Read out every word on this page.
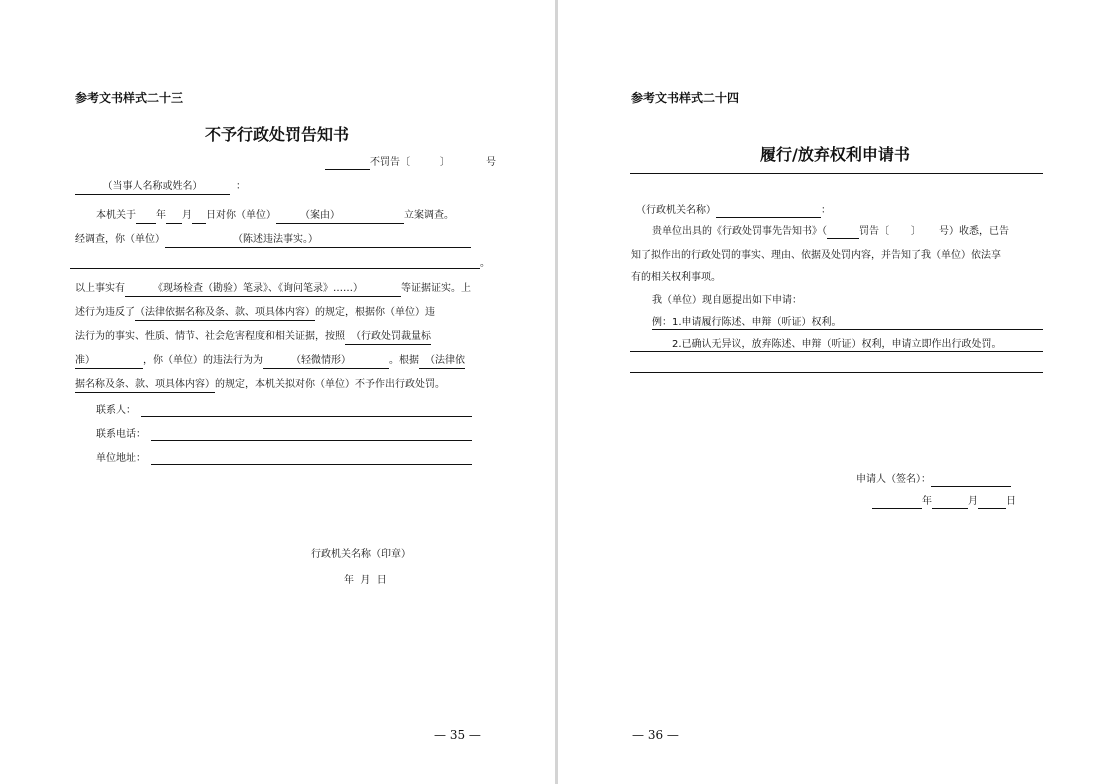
参考文书样式二十三
不予行政处罚告知书
不罚告〔	〕	号
（当事人名称或姓名）	：
本机关于 年 月 日对你（单位） （案由）	立案调查。
经调查，你（单位）	（陈述违法事实。）
。
以上事实有	《现场检查（勘验）笔录》、《询问笔录》……）	等证据证实。上
述行为违反了（法律依据名称及条、款、项具体内容）的规定，根据你（单位）违
法行为的事实、性质、情节、社会危害程度和相关证据，按照 （行政处罚裁量标
准）	，你（单位）的违法行为为	（轻微情形）	。根据 （法律依
据名称及条、款、项具体内容）的规定，本机关拟对你（单位）不予作出行政处罚。
联系人：
联系电话：
单位地址：
行政机关名称（印章）
年  月  日
— 35 —
参考文书样式二十四
履行/放弃权利申请书
（行政机关名称）	：
贵单位出具的《行政处罚事先告知书》（	罚告〔 〕 号）收悉，已告
知了拟作出的行政处罚的事实、理由、依据及处罚内容，并告知了我（单位）依法享
有的相关权利事项。
我（单位）现自愿提出如下申请：
例：1.申请履行陈述、申辩（听证）权利。
2.已确认无异议，放弃陈述、申辩（听证）权利，申请立即作出行政处罚。
申请人（签名）：
年	月	日
— 36 —
